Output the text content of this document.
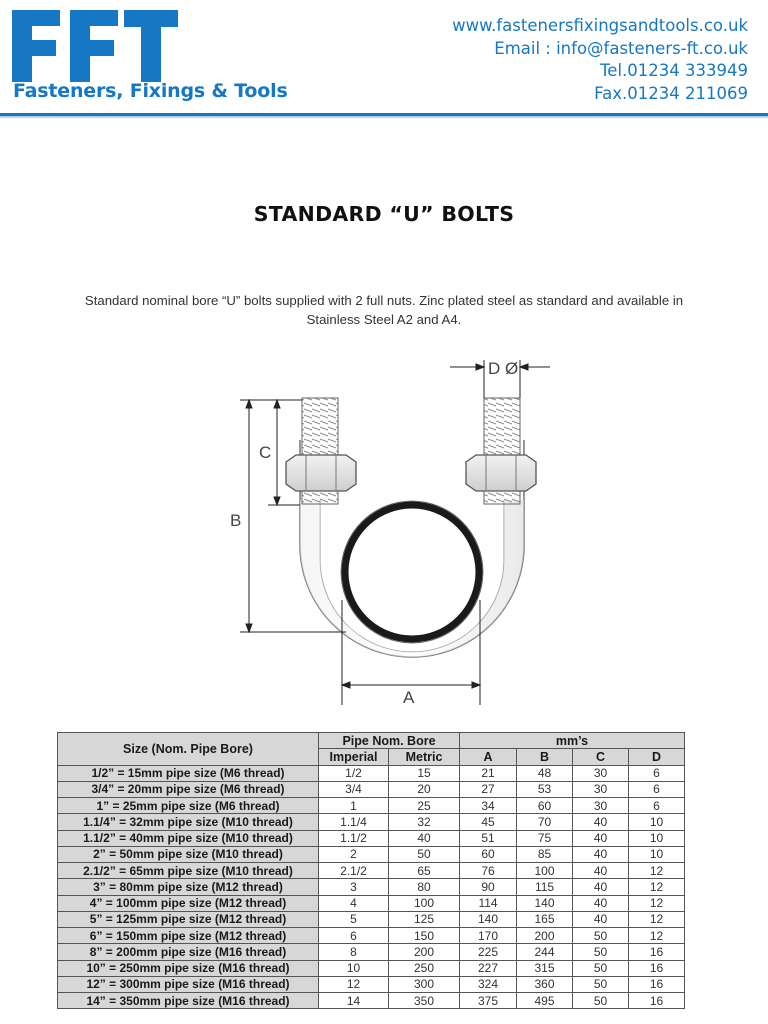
Fasteners, Fixings & Tools
www.fastenersfixingsandtools.co.uk
Email : info@fasteners-ft.co.uk
Tel.01234 333949
Fax.01234 211069
STANDARD “U” BOLTS
Standard nominal bore “U” bolts supplied with 2 full nuts. Zinc plated steel as standard and available in Stainless Steel A2 and A4.
D Ø
C
B
A
Size (Nom. Pipe Bore)	Pipe Nom. Bore		mm’s			
	Imperial	Metric	A	B	C	D
1/2” = 15mm pipe size (M6 thread)	1/2	15	21	48	30	6
3/4” = 20mm pipe size (M6 thread)	3/4	20	27	53	30	6
1” = 25mm pipe size (M6 thread)	1	25	34	60	30	6
1.1/4” = 32mm pipe size (M10 thread)	1.1/4	32	45	70	40	10
1.1/2” = 40mm pipe size (M10 thread)	1.1/2	40	51	75	40	10
2” = 50mm pipe size (M10 thread)	2	50	60	85	40	10
2.1/2” = 65mm pipe size (M10 thread)	2.1/2	65	76	100	40	12
3” = 80mm pipe size (M12 thread)	3	80	90	115	40	12
4” = 100mm pipe size (M12 thread)	4	100	114	140	40	12
5” = 125mm pipe size (M12 thread)	5	125	140	165	40	12
6” = 150mm pipe size (M12 thread)	6	150	170	200	50	12
8” = 200mm pipe size (M16 thread)	8	200	225	244	50	16
10” = 250mm pipe size (M16 thread)	10	250	227	315	50	16
12” = 300mm pipe size (M16 thread)	12	300	324	360	50	16
14” = 350mm pipe size (M16 thread)	14	350	375	495	50	16
